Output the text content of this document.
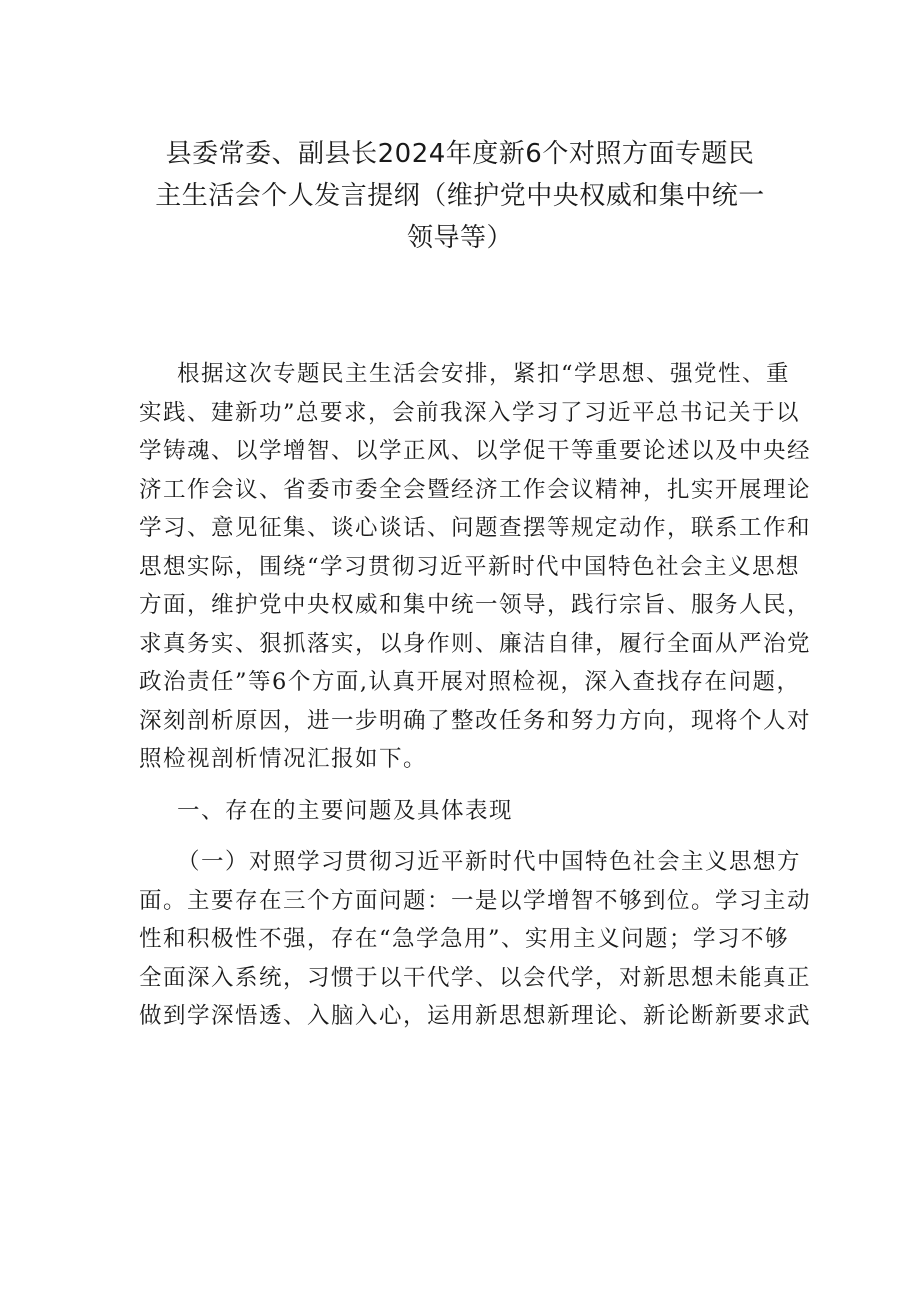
县委常委、副县长2024年度新6个对照方面专题民
主生活会个人发言提纲（维护党中央权威和集中统一
领导等）

根据这次专题民主生活会安排，紧扣“学思想、强党性、重
实践、建新功”总要求，会前我深入学习了习近平总书记关于以
学铸魂、以学增智、以学正风、以学促干等重要论述以及中央经
济工作会议、省委市委全会暨经济工作会议精神，扎实开展理论
学习、意见征集、谈心谈话、问题查摆等规定动作，联系工作和
思想实际，围绕“学习贯彻习近平新时代中国特色社会主义思想
方面，维护党中央权威和集中统一领导，践行宗旨、服务人民，
求真务实、狠抓落实，以身作则、廉洁自律，履行全面从严治党
政治责任”等6个方面,认真开展对照检视，深入查找存在问题，
深刻剖析原因，进一步明确了整改任务和努力方向，现将个人对
照检视剖析情况汇报如下。

一、存在的主要问题及具体表现

（一）对照学习贯彻习近平新时代中国特色社会主义思想方
面。主要存在三个方面问题：一是以学增智不够到位。学习主动
性和积极性不强，存在“急学急用”、实用主义问题；学习不够
全面深入系统，习惯于以干代学、以会代学，对新思想未能真正
做到学深悟透、入脑入心，运用新思想新理论、新论断新要求武
